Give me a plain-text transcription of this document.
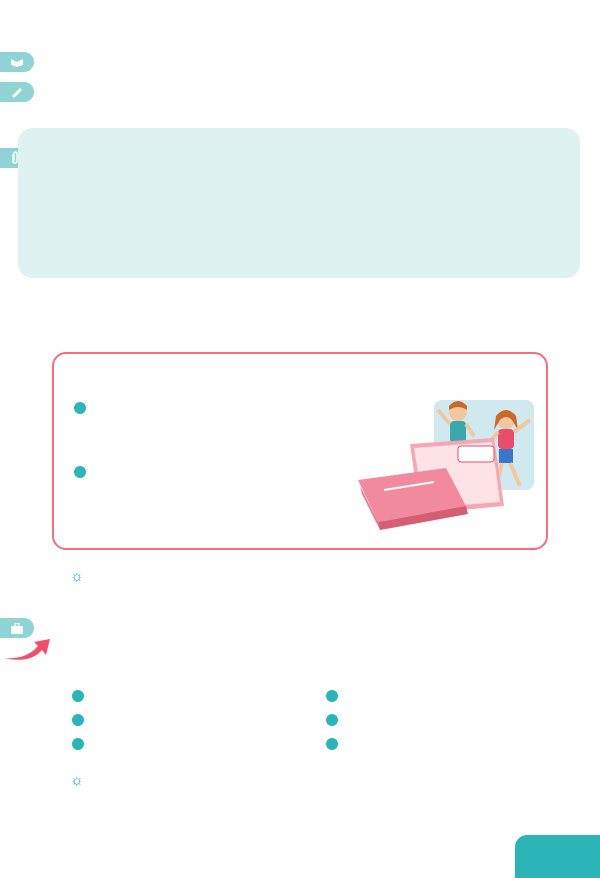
☼
☼
